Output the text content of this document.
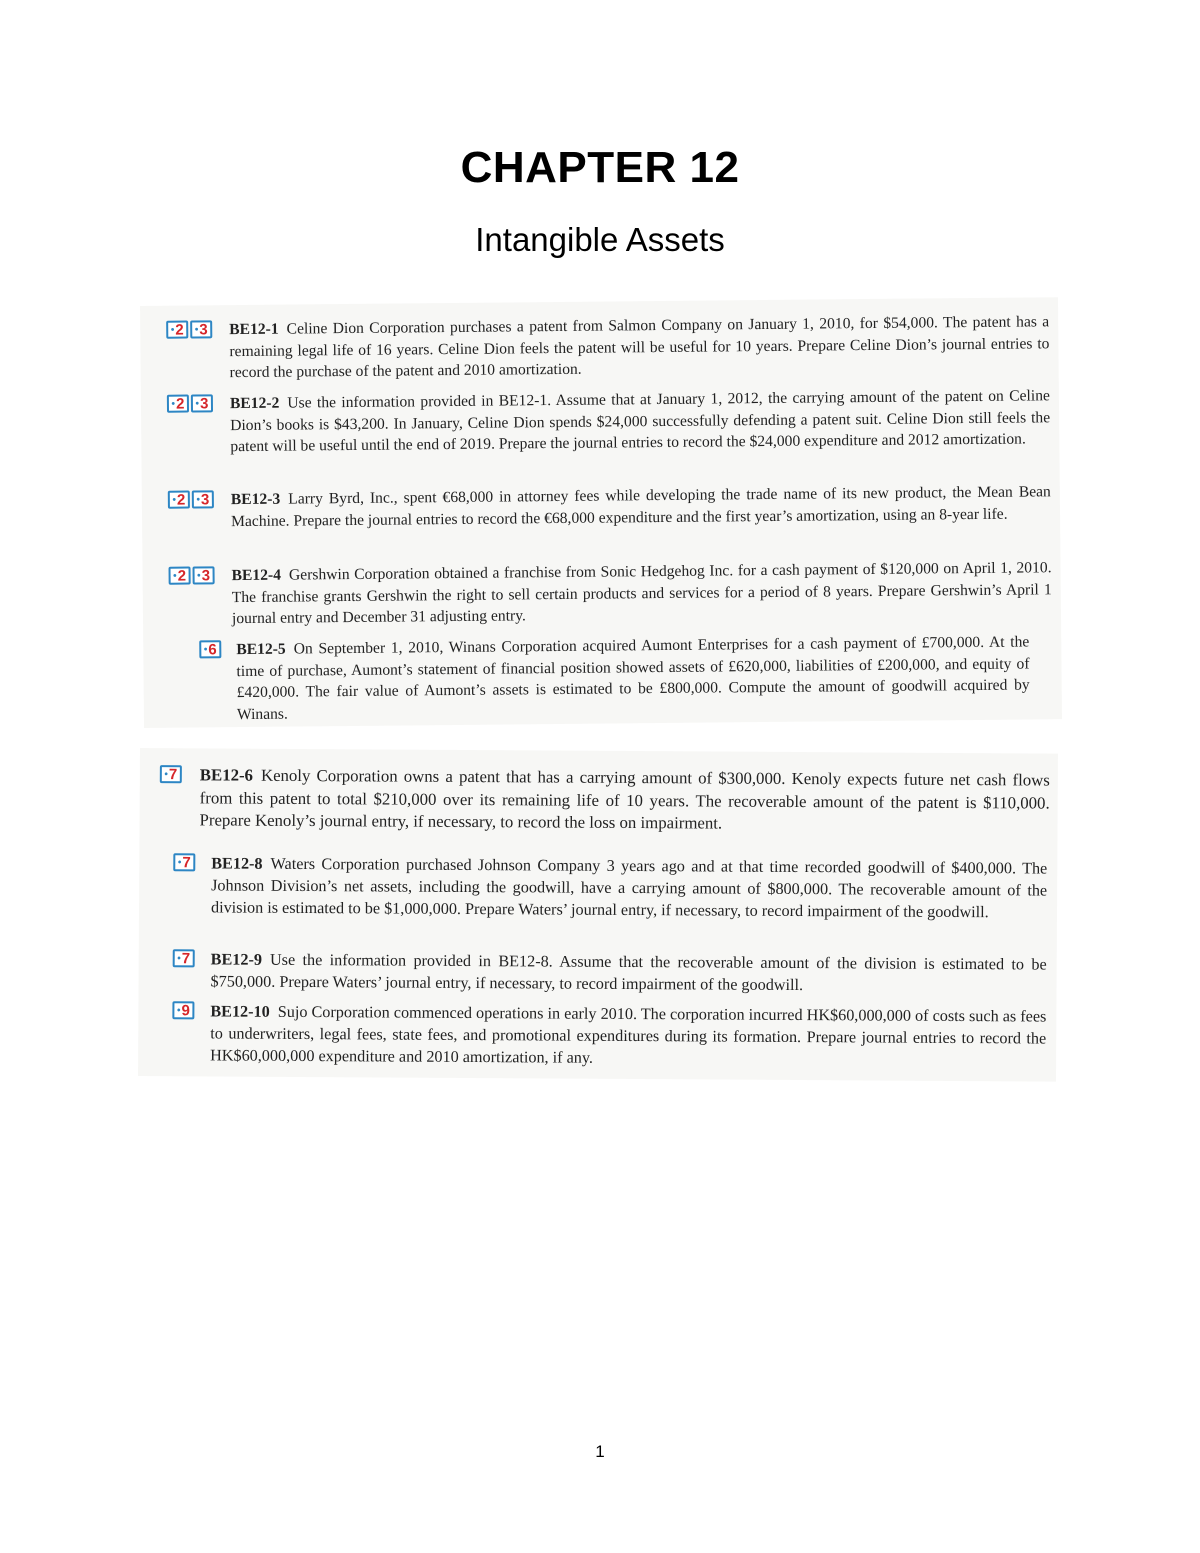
CHAPTER 12
Intangible Assets
•2	•3 BE12-1 Celine Dion Corporation purchases a patent from Salmon Company on January 1, 2010, for $54,000. The patent has a remaining legal life of 16 years. Celine Dion feels the patent will be useful for 10 years. Prepare Celine Dion’s journal entries to record the purchase of the patent and 2010 amortization.
•2	•3 BE12-2 Use the information provided in BE12-1. Assume that at January 1, 2012, the carrying amount of the patent on Celine Dion’s books is $43,200. In January, Celine Dion spends $24,000 successfully defending a patent suit. Celine Dion still feels the patent will be useful until the end of 2019. Prepare the journal entries to record the $24,000 expenditure and 2012 amortization.
•2	•3 BE12-3 Larry Byrd, Inc., spent €68,000 in attorney fees while developing the trade name of its new product, the Mean Bean Machine. Prepare the journal entries to record the €68,000 expenditure and the first year’s amortization, using an 8-year life.
•2	•3 BE12-4 Gershwin Corporation obtained a franchise from Sonic Hedgehog Inc. for a cash payment of $120,000 on April 1, 2010. The franchise grants Gershwin the right to sell certain products and services for a period of 8 years. Prepare Gershwin’s April 1 journal entry and December 31 adjusting entry.
•6 BE12-5 On September 1, 2010, Winans Corporation acquired Aumont Enterprises for a cash payment of £700,000. At the time of purchase, Aumont’s statement of financial position showed assets of £620,000, liabilities of £200,000, and equity of £420,000. The fair value of Aumont’s assets is estimated to be £800,000. Compute the amount of goodwill acquired by Winans.
•7 BE12-6 Kenoly Corporation owns a patent that has a carrying amount of $300,000. Kenoly expects future net cash flows from this patent to total $210,000 over its remaining life of 10 years. The recoverable amount of the patent is $110,000. Prepare Kenoly’s journal entry, if necessary, to record the loss on impairment.
•7 BE12-8 Waters Corporation purchased Johnson Company 3 years ago and at that time recorded goodwill of $400,000. The Johnson Division’s net assets, including the goodwill, have a carrying amount of $800,000. The recoverable amount of the division is estimated to be $1,000,000. Prepare Waters’ journal entry, if necessary, to record impairment of the goodwill.
•7 BE12-9 Use the information provided in BE12-8. Assume that the recoverable amount of the division is estimated to be $750,000. Prepare Waters’ journal entry, if necessary, to record impairment of the goodwill.
•9 BE12-10 Sujo Corporation commenced operations in early 2010. The corporation incurred HK$60,000,000 of costs such as fees to underwriters, legal fees, state fees, and promotional expenditures during its formation. Prepare journal entries to record the HK$60,000,000 expenditure and 2010 amortization, if any.
1
